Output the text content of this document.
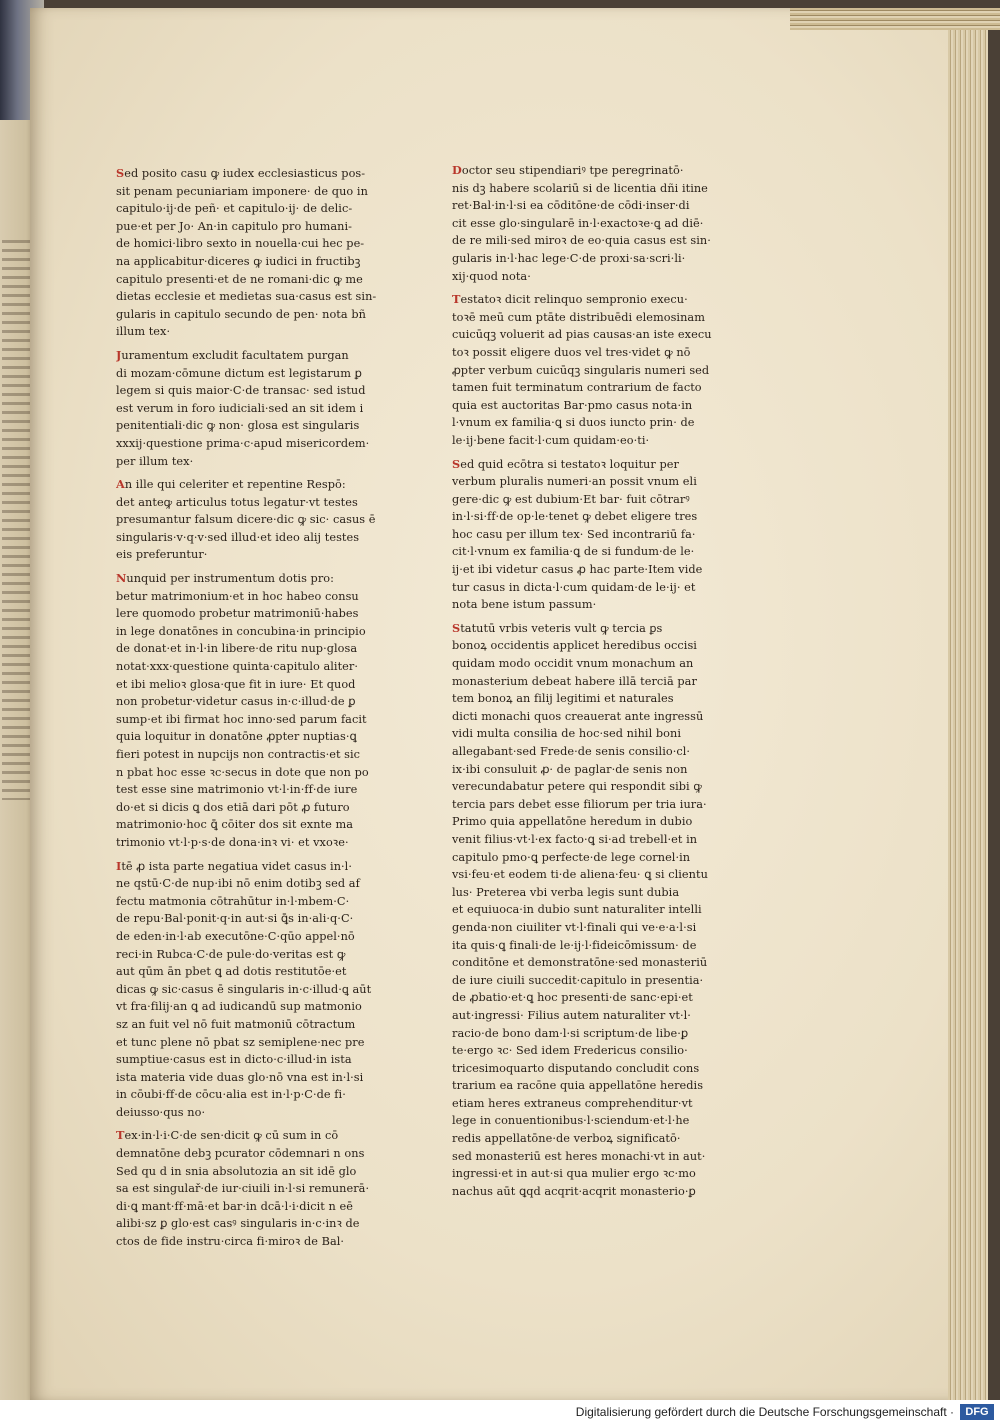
Sed posito casu ꝙ iudex ecclesiasticus pos-
sit penam pecuniariam imponere· de quo in
capitulo·ij·de peñ· et capitulo·ij· de delic-
pue·et per Jo· An·in capitulo pro humani-
de homici·libro sexto in nouella·cui hec pe-
na applicabitur·diceres ꝙ iudici in fructibꝫ
capitulo presenti·et de ne romani·dic ꝙ me
dietas ecclesie et medietas sua·casus est sin-
gularis in capitulo secundo de pen· nota bñ
illum tex·
Juramentum excludit facultatem purgan
di mozam·cōmune dictum est legistarum ꝑ
legem si quis maior·C·de transac· sed istud
est verum in foro iudiciali·sed an sit idem i
penitentiali·dic ꝙ non· glosa est singularis
xxxij·questione prima·c·apud misericordem·
per illum tex·
An ille qui celeriter et repentine Respō:
det anteꝙ articulus totus legatur·vt testes
presumantur falsum dicere·dic ꝙ sic· casus ē
singularis·v·q·v·sed illud·et ideo alij testes
eis preferuntur·
Nunquid per instrumentum dotis pro:
betur matrimonium·et in hoc habeo consu
lere quomodo probetur matrimoniū·habes
in lege donatōnes in concubina·in principio
de donat·et in·l·in libere·de ritu nup·glosa
notat·xxx·questione quinta·capitulo aliter·
et ibi melioꝛ glosa·que fit in iure· Et quod
non probetur·videtur casus in·c·illud·de ꝑ
sump·et ibi firmat hoc inno·sed parum facit
quia loquitur in donatōne ꝓpter nuptias·ꝗ
fieri potest in nupcijs non contractis·et sic
n pbat hoc esse ꝛc·secus in dote que non po
test esse sine matrimonio vt·l·in·ff·de iure
do·et si dicis ꝗ dos etiā dari pōt ꝓ futuro
matrimonio·hoc ꝗ̄ cōiter dos sit exnte ma
trimonio vt·l·p·s·de dona·inꝛ vi· et vxoꝛe·
Itē ꝓ ista parte negatiua videt casus in·l·
ne qstū·C·de nup·ibi nō enim dotibꝫ sed af
fectu matmonia cōtrahūtur in·l·mbem·C·
de repu·Bal·ponit·q·in aut·si ꝗ̄s in·ali·q·C·
de eden·in·l·ab executōne·C·qūo appel·nō
reci·in Rubca·C·de pule·do·veritas est ꝙ
aut qūm ān pbet ꝗ ad dotis restitutōe·et
dicas ꝙ sic·casus ē singularis in·c·illud·ꝗ aūt
vt fra·filij·an ꝗ ad iudicandū sup matmonio
sz an fuit vel nō fuit matmoniū cōtractum
et tunc plene nō pbat sz semiplene·nec pre
sumptiue·casus est in dicto·c·illud·in ista
ista materia vide duas glo·nō vna est in·l·si
in cōubi·ff·de cōcu·alia est in·l·p·C·de fi·
deiusso·qus no·
Tex·in·l·i·C·de sen·dicit ꝙ cū sum in cō
demnatōne debꝫ pcurator cōdemnari n ons
Sed qu d in snia absolutozia an sit idē glo
sa est singulař·de iur·ciuili in·l·si remunerā·
di·ꝗ mant·ff·mā·et bar·in dcā·l·i·dicit n eē
alibi·sz ꝑ glo·est casꝰ singularis in·c·inꝛ de
ctos de fide instru·circa fi·miroꝛ de Bal·
Doctor seu stipendiariꝰ tpe peregrinatō·
nis dꝫ habere scolariū si de licentia dñi itine
ret·Bal·in·l·si ea cōditōne·de cōdi·inser·di
cit esse glo·singularē in·l·exactoꝛe·ꝗ ad diē·
de re mili·sed miroꝛ de eo·quia casus est sin·
gularis in·l·hac lege·C·de proxi·sa·scri·li·
xij·quod nota·
Testatoꝛ dicit relinquo sempronio execu·
toꝛē meū cum ptāte distribuēdi elemosinam
cuicūqꝫ voluerit ad pias causas·an iste execu
toꝛ possit eligere duos vel tres·videt ꝙ nō
ꝓpter verbum cuicūqꝫ singularis numeri sed
tamen fuit terminatum contrarium de facto
quia est auctoritas Bar·pmo casus nota·in
l·vnum ex familia·ꝗ si duos iuncto prin· de
le·ij·bene facit·l·cum quidam·eo·ti·
Sed quid ecōtra si testatoꝛ loquitur per
verbum pluralis numeri·an possit vnum eli
gere·dic ꝙ est dubium·Et bar· fuit cōtrarꝰ
in·l·si·ff·de op·le·tenet ꝙ debet eligere tres
hoc casu per illum tex· Sed incontrariū fa·
cit·l·vnum ex familia·ꝗ de si fundum·de le·
ij·et ibi videtur casus ꝓ hac parte·Item vide
tur casus in dicta·l·cum quidam·de le·ij· et
nota bene istum passum·
Statutū vrbis veteris vult ꝙ tercia ꝑs
bonoꝝ occidentis applicet heredibus occisi
quidam modo occidit vnum monachum an
monasterium debeat habere illā terciā par
tem bonoꝝ an filij legitimi et naturales
dicti monachi quos creauerat ante ingressū
vidi multa consilia de hoc·sed nihil boni
allegabant·sed Frede·de senis consilio·cl·
ix·ibi consuluit ꝓ· de paglar·de senis non
verecundabatur petere qui respondit sibi ꝙ
tercia pars debet esse filiorum per tria iura·
Primo quia appellatōne heredum in dubio
venit filius·vt·l·ex facto·ꝗ si·ad trebell·et in
capitulo pmo·ꝗ perfecte·de lege cornel·in
vsi·feu·et eodem ti·de aliena·feu· ꝗ si clientu
lus· Preterea vbi verba legis sunt dubia
et equiuoca·in dubio sunt naturaliter intelli
genda·non ciuiliter vt·l·finali qui ve·e·a·l·si
ita quis·ꝗ finali·de le·ij·l·fideicōmissum· de
conditōne et demonstratōne·sed monasteriū
de iure ciuili succedit·capitulo in presentia·
de ꝓbatio·et·ꝗ hoc presenti·de sanc·epi·et
aut·ingressi· Filius autem naturaliter vt·l·
racio·de bono dam·l·si scriptum·de libe·ꝑ
te·ergo ꝛc· Sed idem Fredericus consilio·
tricesimoquarto disputando concludit cons
trarium ea racōne quia appellatōne heredis
etiam heres extraneus comprehenditur·vt
lege in conuentionibus·l·sciendum·et·l·he
redis appellatōne·de verboꝝ significatō·
sed monasteriū est heres monachi·vt in aut·
ingressi·et in aut·si qua mulier ergo ꝛc·mo
nachus aūt ꝗqd acqrit·acqrit monasterio·ꝑ
Digitalisierung gefördert durch die Deutsche Forschungsgemeinschaft ·	DFG
